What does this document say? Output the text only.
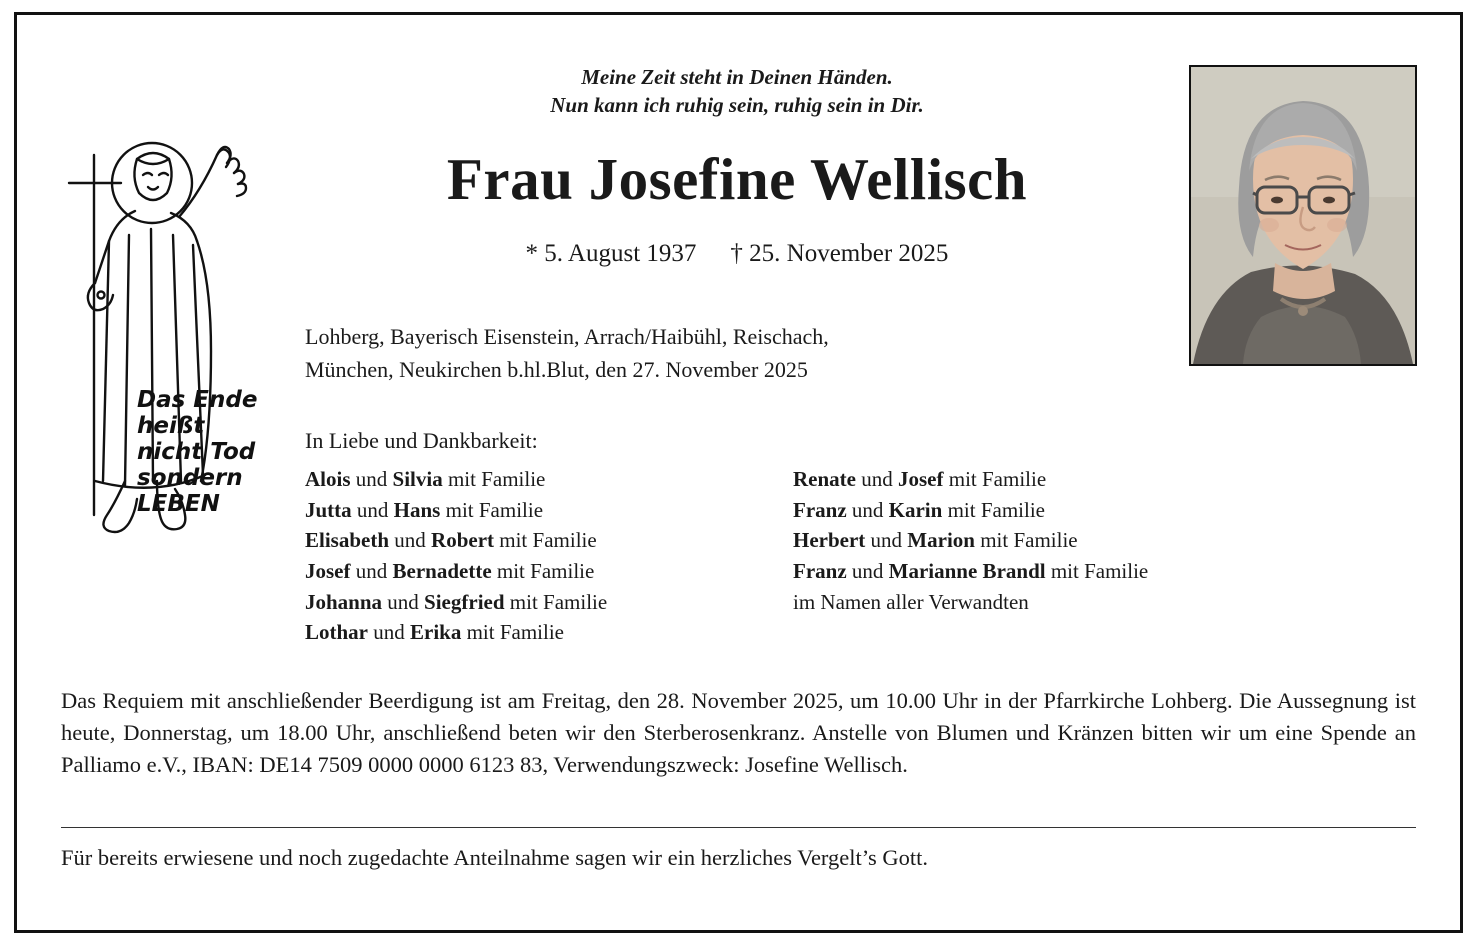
Das Ende
heißt
nicht Tod
sondern
LEBEN
Meine Zeit steht in Deinen Händen.
Nun kann ich ruhig sein, ruhig sein in Dir.
Frau Josefine Wellisch
* 5. August 1937 † 25. November 2025
Lohberg, Bayerisch Eisenstein, Arrach/Haibühl, Reischach,
München, Neukirchen b.hl.Blut, den 27. November 2025
In Liebe und Dankbarkeit:
Alois und Silvia mit Familie
Jutta und Hans mit Familie
Elisabeth und Robert mit Familie
Josef und Bernadette mit Familie
Johanna und Siegfried mit Familie
Lothar und Erika mit Familie
Renate und Josef mit Familie
Franz und Karin mit Familie
Herbert und Marion mit Familie
Franz und Marianne Brandl mit Familie
im Namen aller Verwandten
Das Requiem mit anschließender Beerdigung ist am Freitag, den 28. November 2025, um 10.00 Uhr in der Pfarrkirche Lohberg. Die Aussegnung ist heute, Donnerstag, um 18.00 Uhr, anschließend beten wir den Sterberosenkranz. Anstelle von Blumen und Kränzen bitten wir um eine Spende an Palliamo e.V., IBAN: DE14 7509 0000 0000 6123 83, Verwendungszweck: Josefine Wellisch.
Für bereits erwiesene und noch zugedachte Anteilnahme sagen wir ein herzliches Vergelt’s Gott.
